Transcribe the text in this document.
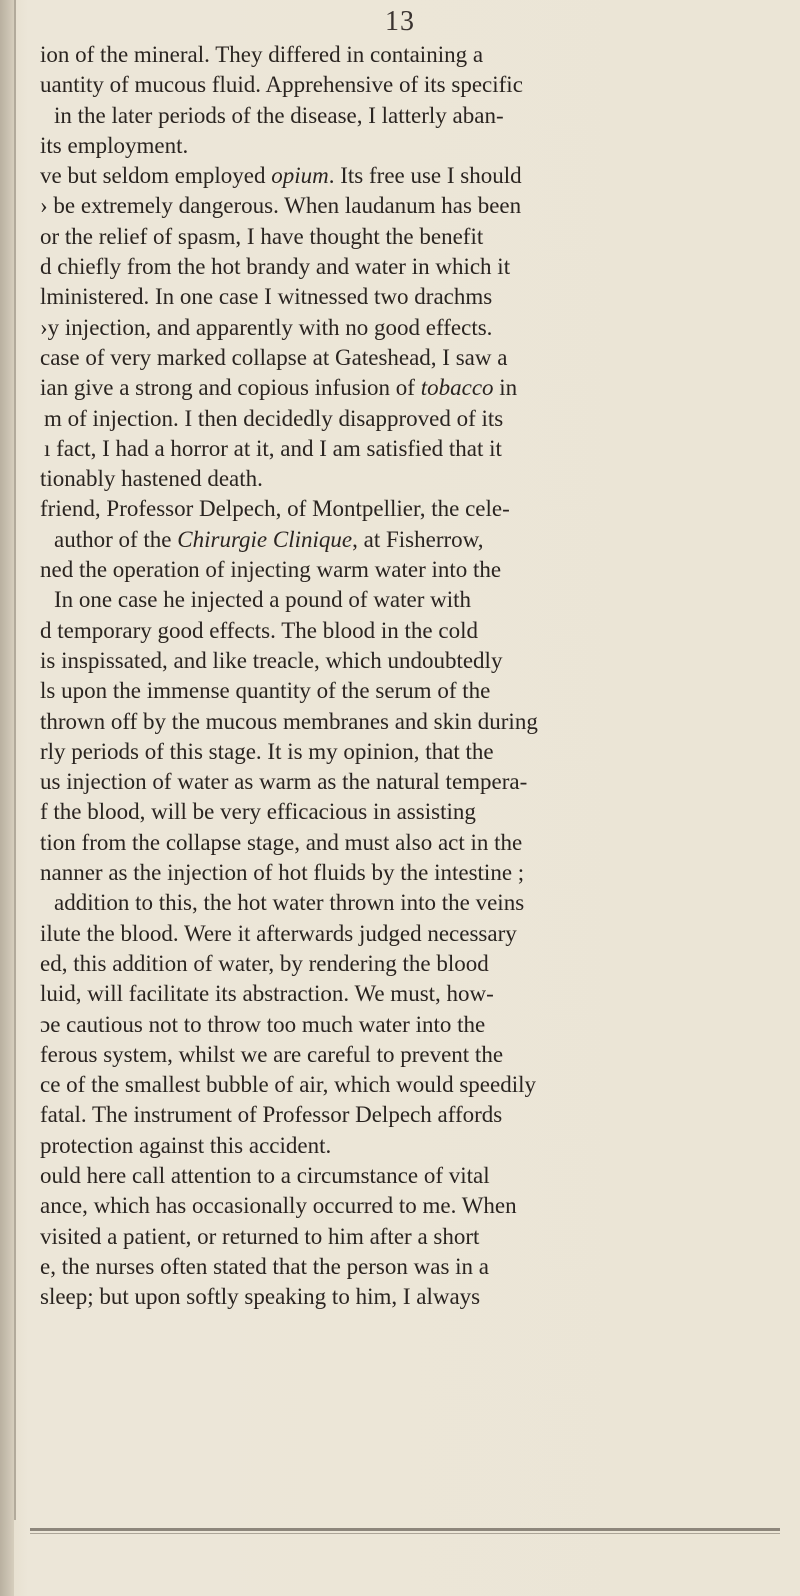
13
ion of the mineral. They differed in containing a
uantity of mucous fluid. Apprehensive of its specific
in the later periods of the disease, I latterly aban-
its employment.
ve but seldom employed opium. Its free use I should
› be extremely dangerous. When laudanum has been
or the relief of spasm, I have thought the benefit
d chiefly from the hot brandy and water in which it
lministered. In one case I witnessed two drachms
›y injection, and apparently with no good effects.
case of very marked collapse at Gateshead, I saw a
ian give a strong and copious infusion of tobacco in
m of injection. I then decidedly disapproved of its
ı fact, I had a horror at it, and I am satisfied that it
tionably hastened death.
friend, Professor Delpech, of Montpellier, the cele-
author of the Chirurgie Clinique, at Fisherrow,
ned the operation of injecting warm water into the
In one case he injected a pound of water with
d temporary good effects. The blood in the cold
is inspissated, and like treacle, which undoubtedly
ls upon the immense quantity of the serum of the
thrown off by the mucous membranes and skin during
rly periods of this stage. It is my opinion, that the
us injection of water as warm as the natural tempera-
f the blood, will be very efficacious in assisting
tion from the collapse stage, and must also act in the
nanner as the injection of hot fluids by the intestine ;
addition to this, the hot water thrown into the veins
ilute the blood. Were it afterwards judged necessary
ed, this addition of water, by rendering the blood
luid, will facilitate its abstraction. We must, how-
ɔe cautious not to throw too much water into the
ferous system, whilst we are careful to prevent the
ce of the smallest bubble of air, which would speedily
fatal. The instrument of Professor Delpech affords
protection against this accident.
ould here call attention to a circumstance of vital
ance, which has occasionally occurred to me. When
visited a patient, or returned to him after a short
e, the nurses often stated that the person was in a
sleep; but upon softly speaking to him, I always
